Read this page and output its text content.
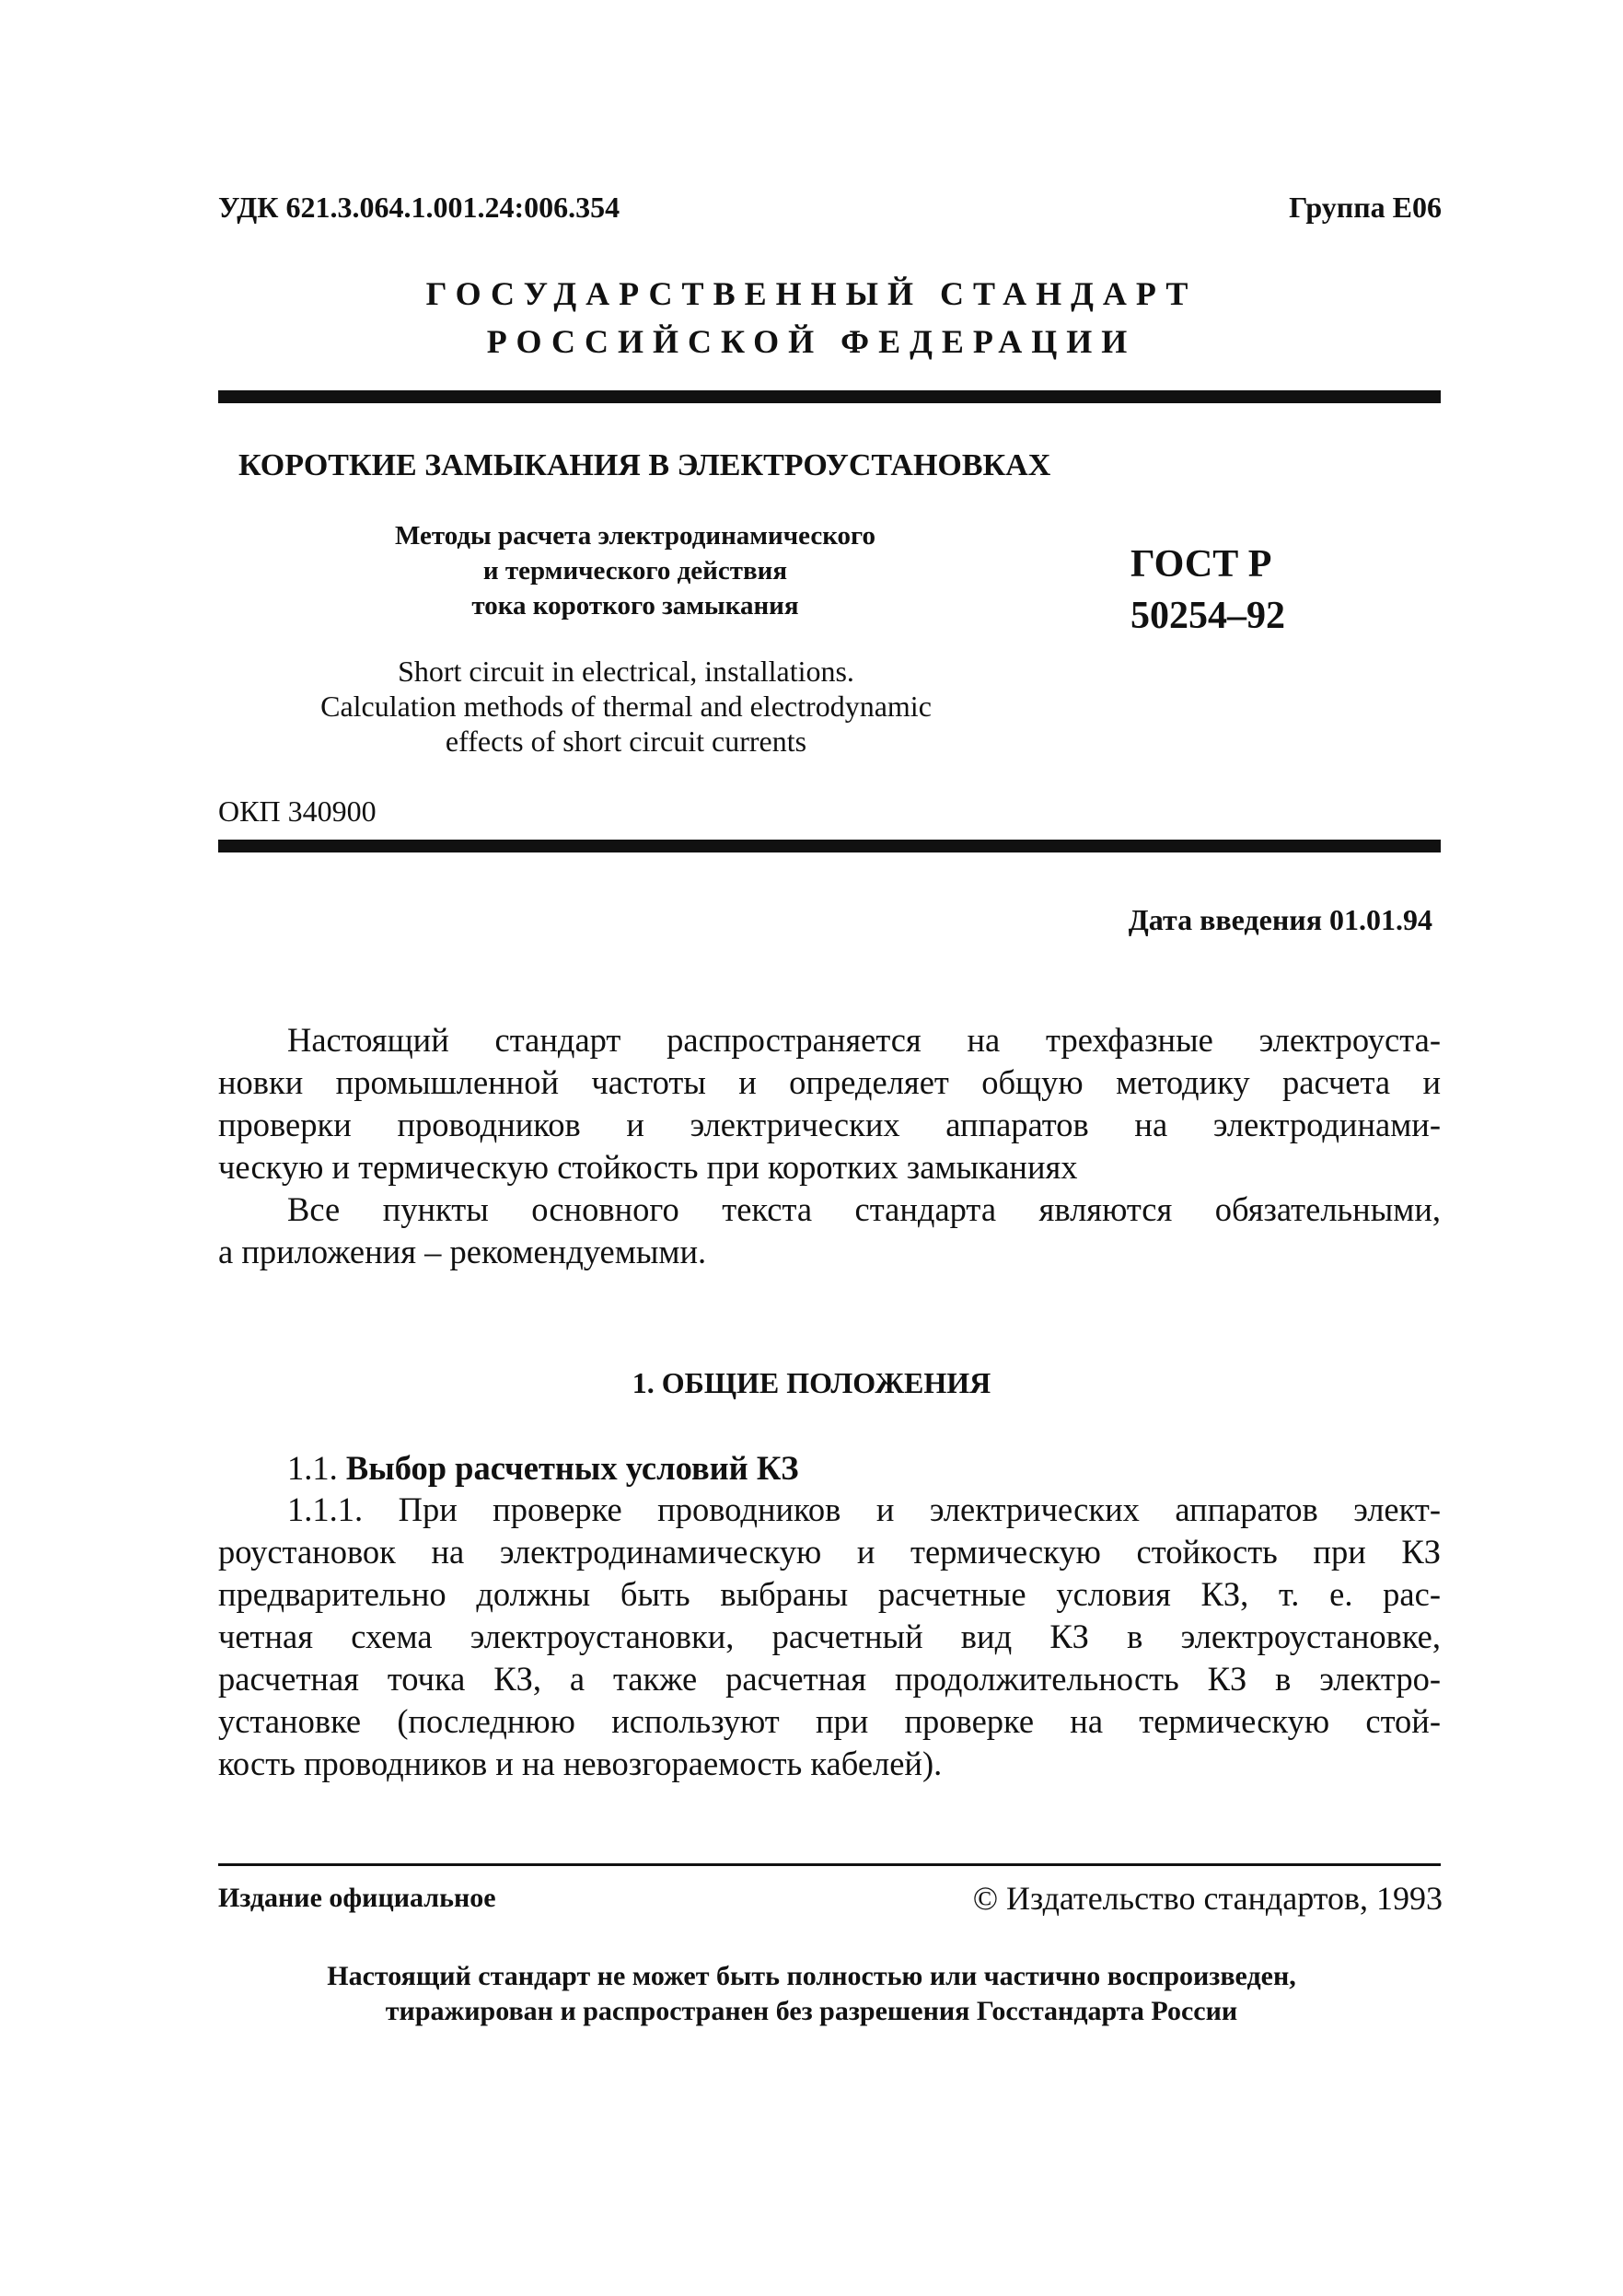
УДК 621.3.064.1.001.24:006.354	Группа Е06
ГОСУДАРСТВЕННЫЙ СТАНДАРТ
РОССИЙСКОЙ ФЕДЕРАЦИИ
КОРОТКИЕ ЗАМЫКАНИЯ В ЭЛЕКТРОУСТАНОВКАХ
Методы расчета электродинамического
и термического действия
тока короткого замыкания
ГОСТ Р
50254–92
Short circuit in electrical, installations.
Calculation methods of thermal and electrodynamic
effects of short circuit currents
ОКП 340900
Дата введения 01.01.94
Настоящий стандарт распространяется на трехфазные электроуста-
новки промышленной частоты и определяет общую методику расчета и
проверки проводников и электрических аппаратов на электродинами-
ческую и термическую стойкость при коротких замыканиях
Все пункты основного текста стандарта являются обязательными,
а приложения – рекомендуемыми.
1. ОБЩИЕ ПОЛОЖЕНИЯ
1.1. Выбор расчетных условий КЗ
1.1.1. При проверке проводников и электрических аппаратов элект-
роустановок на электродинамическую и термическую стойкость при КЗ
предварительно должны быть выбраны расчетные условия КЗ, т. е. рас-
четная схема электроустановки, расчетный вид КЗ в электроустановке,
расчетная точка КЗ, а также расчетная продолжительность КЗ в электро-
установке (последнюю используют при проверке на термическую стой-
кость проводников и на невозгораемость кабелей).
Издание официальное	© Издательство стандартов, 1993
Настоящий стандарт не может быть полностью или частично воспроизведен,
тиражирован и распространен без разрешения Госстандарта России
